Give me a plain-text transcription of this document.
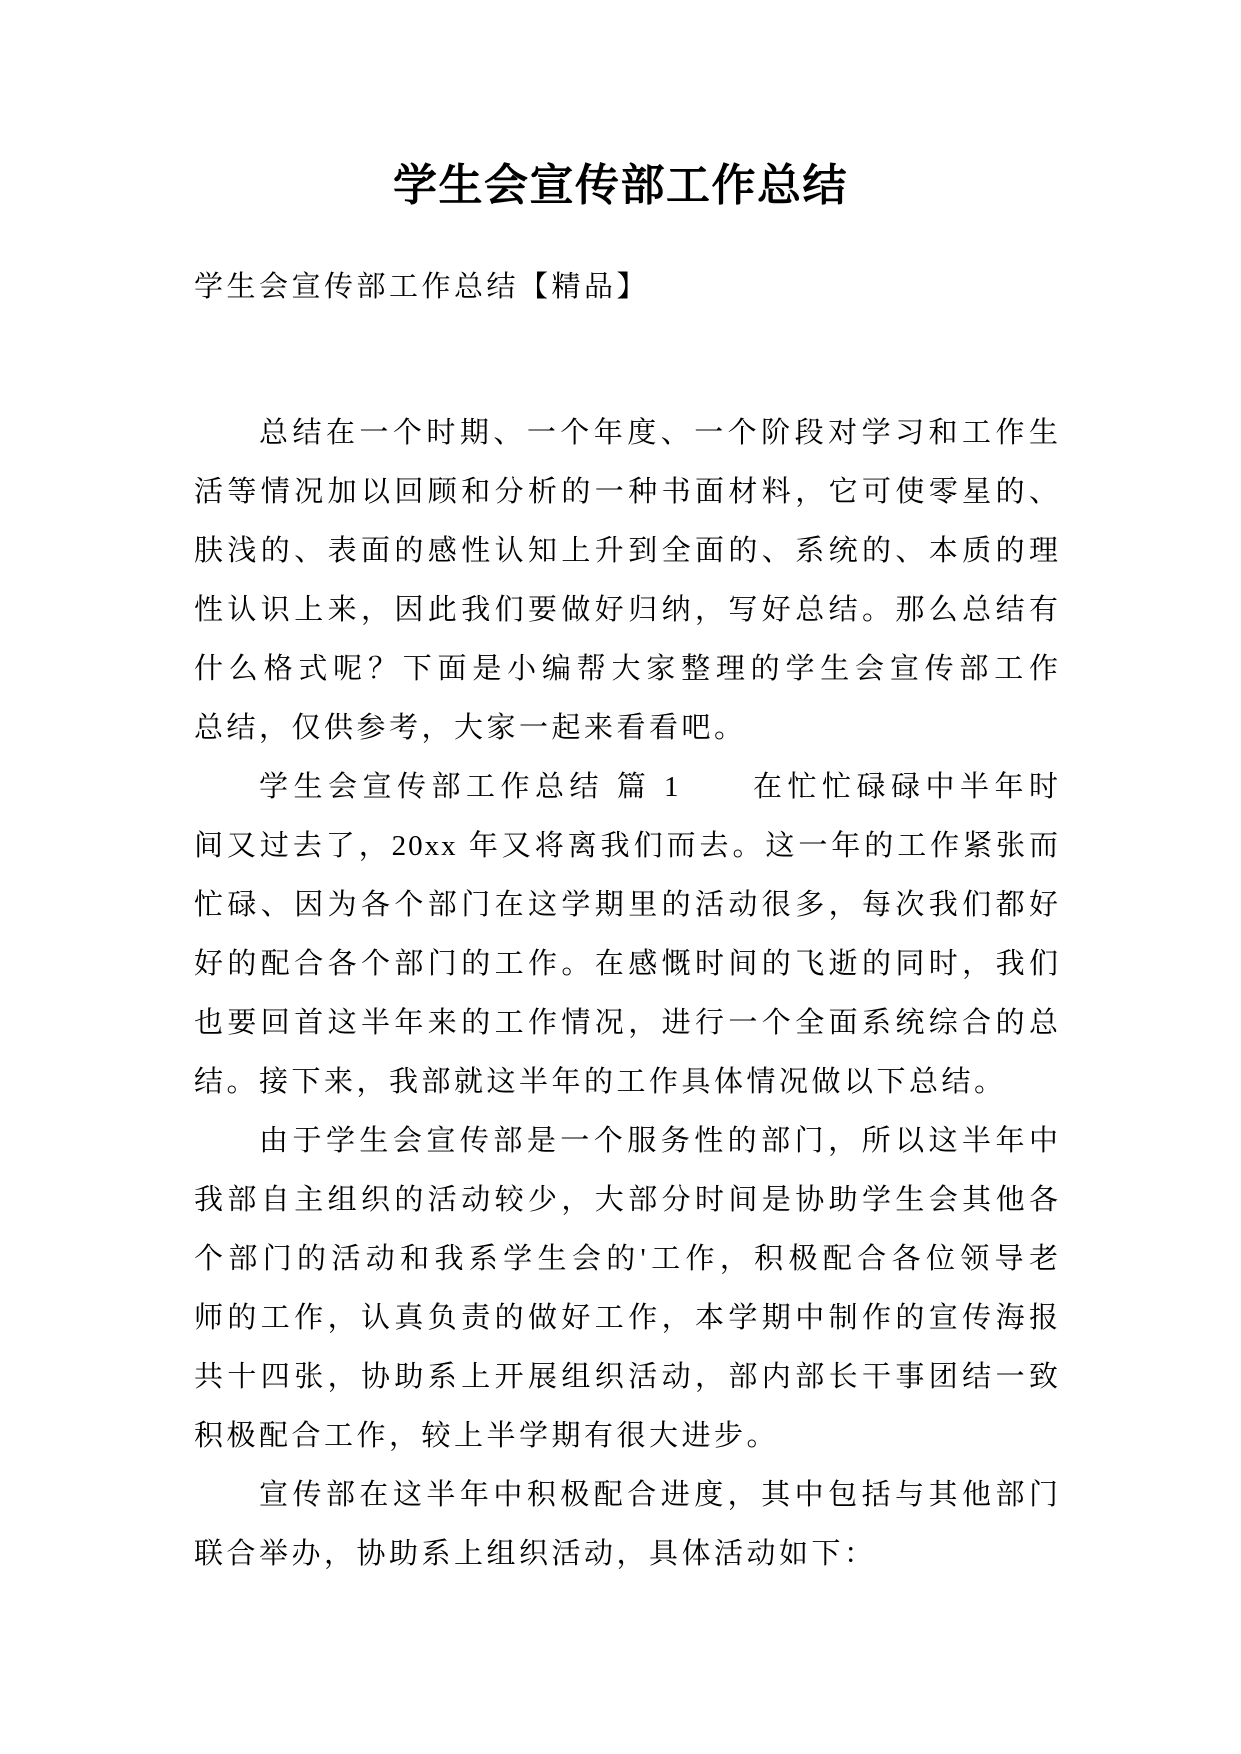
学生会宣传部工作总结
学生会宣传部工作总结【精品】
总结在一个时期、一个年度、一个阶段对学习和工作生
活等情况加以回顾和分析的一种书面材料，它可使零星的、
肤浅的、表面的感性认知上升到全面的、系统的、本质的理
性认识上来，因此我们要做好归纳，写好总结。那么总结有
什么格式呢？下面是小编帮大家整理的学生会宣传部工作
总结，仅供参考，大家一起来看看吧。
学生会宣传部工作总结 篇 1　　在忙忙碌碌中半年时
间又过去了，20xx 年又将离我们而去。这一年的工作紧张而
忙碌、因为各个部门在这学期里的活动很多，每次我们都好
好的配合各个部门的工作。在感慨时间的飞逝的同时，我们
也要回首这半年来的工作情况，进行一个全面系统综合的总
结。接下来，我部就这半年的工作具体情况做以下总结。
由于学生会宣传部是一个服务性的部门，所以这半年中
我部自主组织的活动较少，大部分时间是协助学生会其他各
个部门的活动和我系学生会的'工作，积极配合各位领导老
师的工作，认真负责的做好工作，本学期中制作的宣传海报
共十四张，协助系上开展组织活动，部内部长干事团结一致
积极配合工作，较上半学期有很大进步。
宣传部在这半年中积极配合进度，其中包括与其他部门
联合举办，协助系上组织活动，具体活动如下：
